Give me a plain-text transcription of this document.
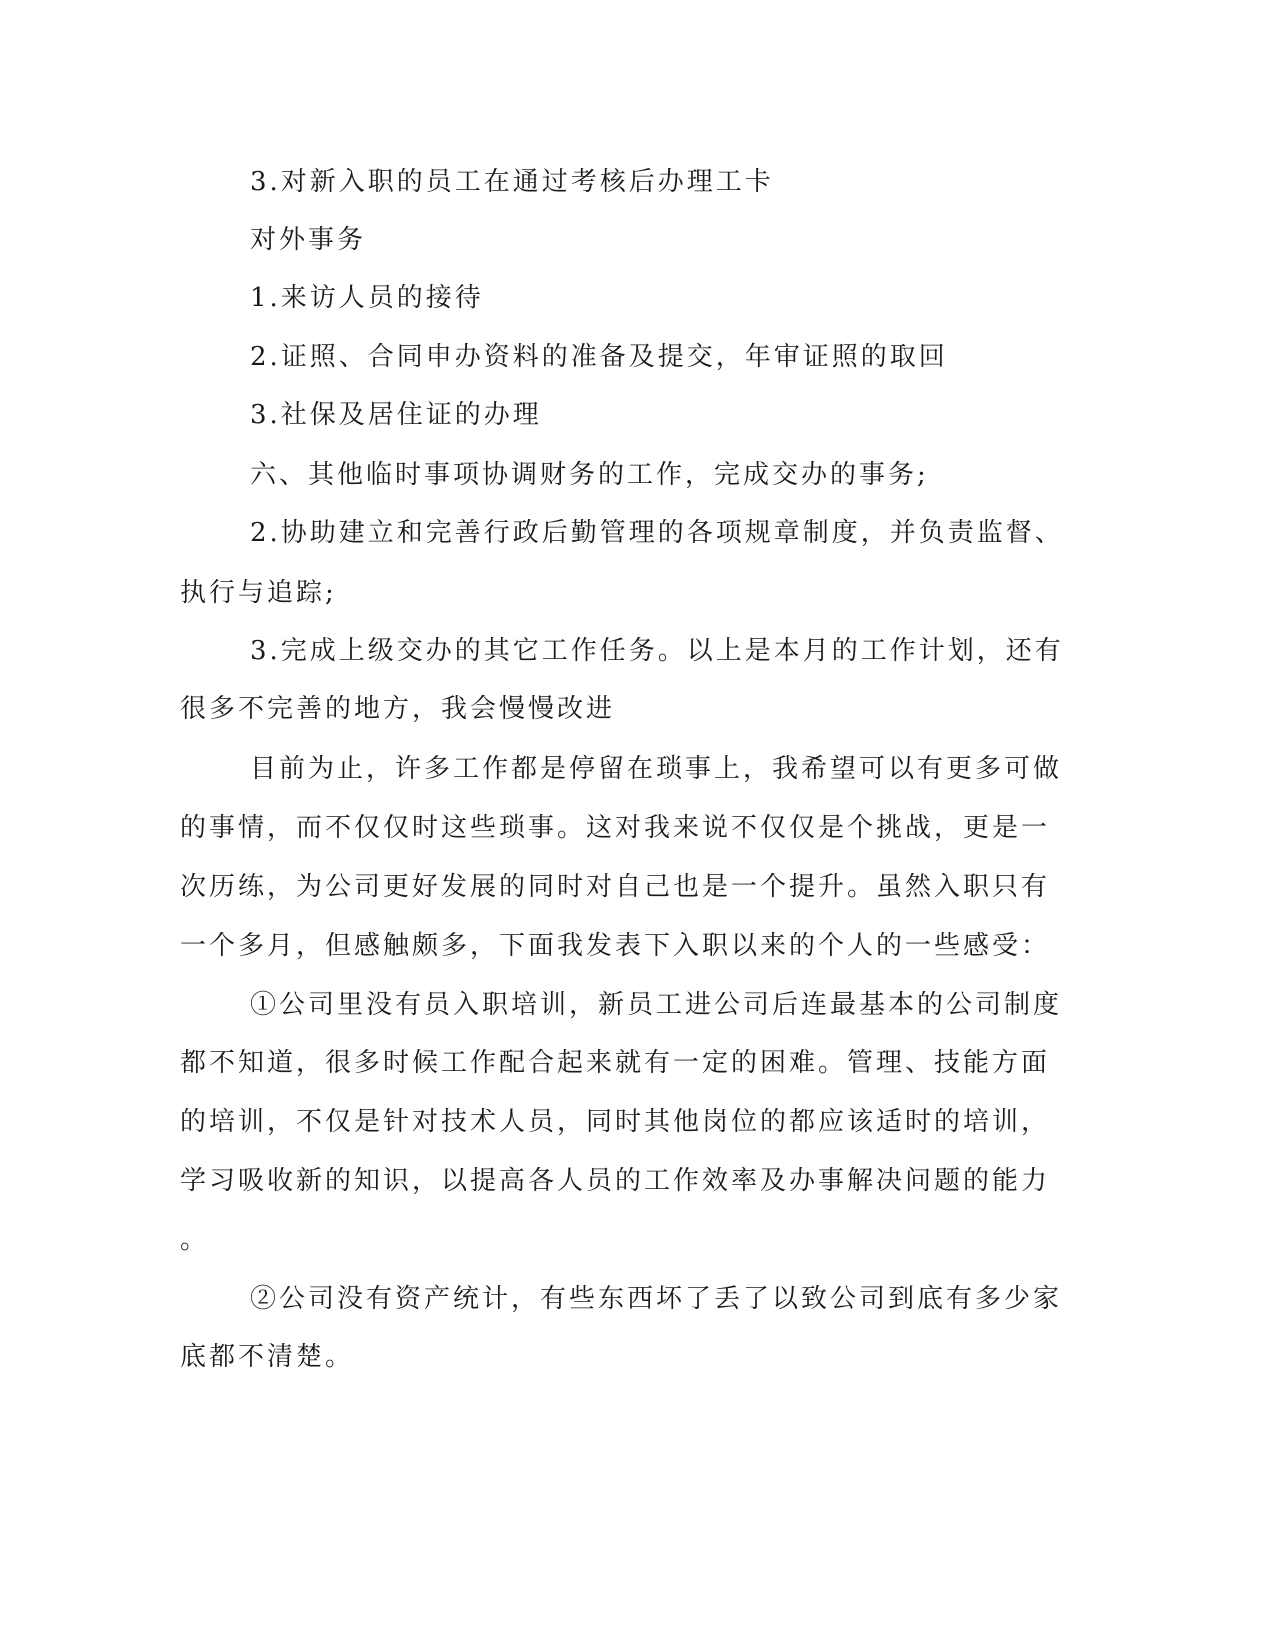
3.对新入职的员工在通过考核后办理工卡
对外事务
1.来访人员的接待
2.证照、合同申办资料的准备及提交，年审证照的取回
3.社保及居住证的办理
六、其他临时事项协调财务的工作，完成交办的事务;
2.协助建立和完善行政后勤管理的各项规章制度，并负责监督、
执行与追踪;
3.完成上级交办的其它工作任务。以上是本月的工作计划，还有
很多不完善的地方，我会慢慢改进
目前为止，许多工作都是停留在琐事上，我希望可以有更多可做
的事情，而不仅仅时这些琐事。这对我来说不仅仅是个挑战，更是一
次历练，为公司更好发展的同时对自己也是一个提升。虽然入职只有
一个多月，但感触颇多，下面我发表下入职以来的个人的一些感受：
①公司里没有员入职培训，新员工进公司后连最基本的公司制度
都不知道，很多时候工作配合起来就有一定的困难。管理、技能方面
的培训，不仅是针对技术人员，同时其他岗位的都应该适时的培训，
学习吸收新的知识，以提高各人员的工作效率及办事解决问题的能力
。
②公司没有资产统计，有些东西坏了丢了以致公司到底有多少家
底都不清楚。
